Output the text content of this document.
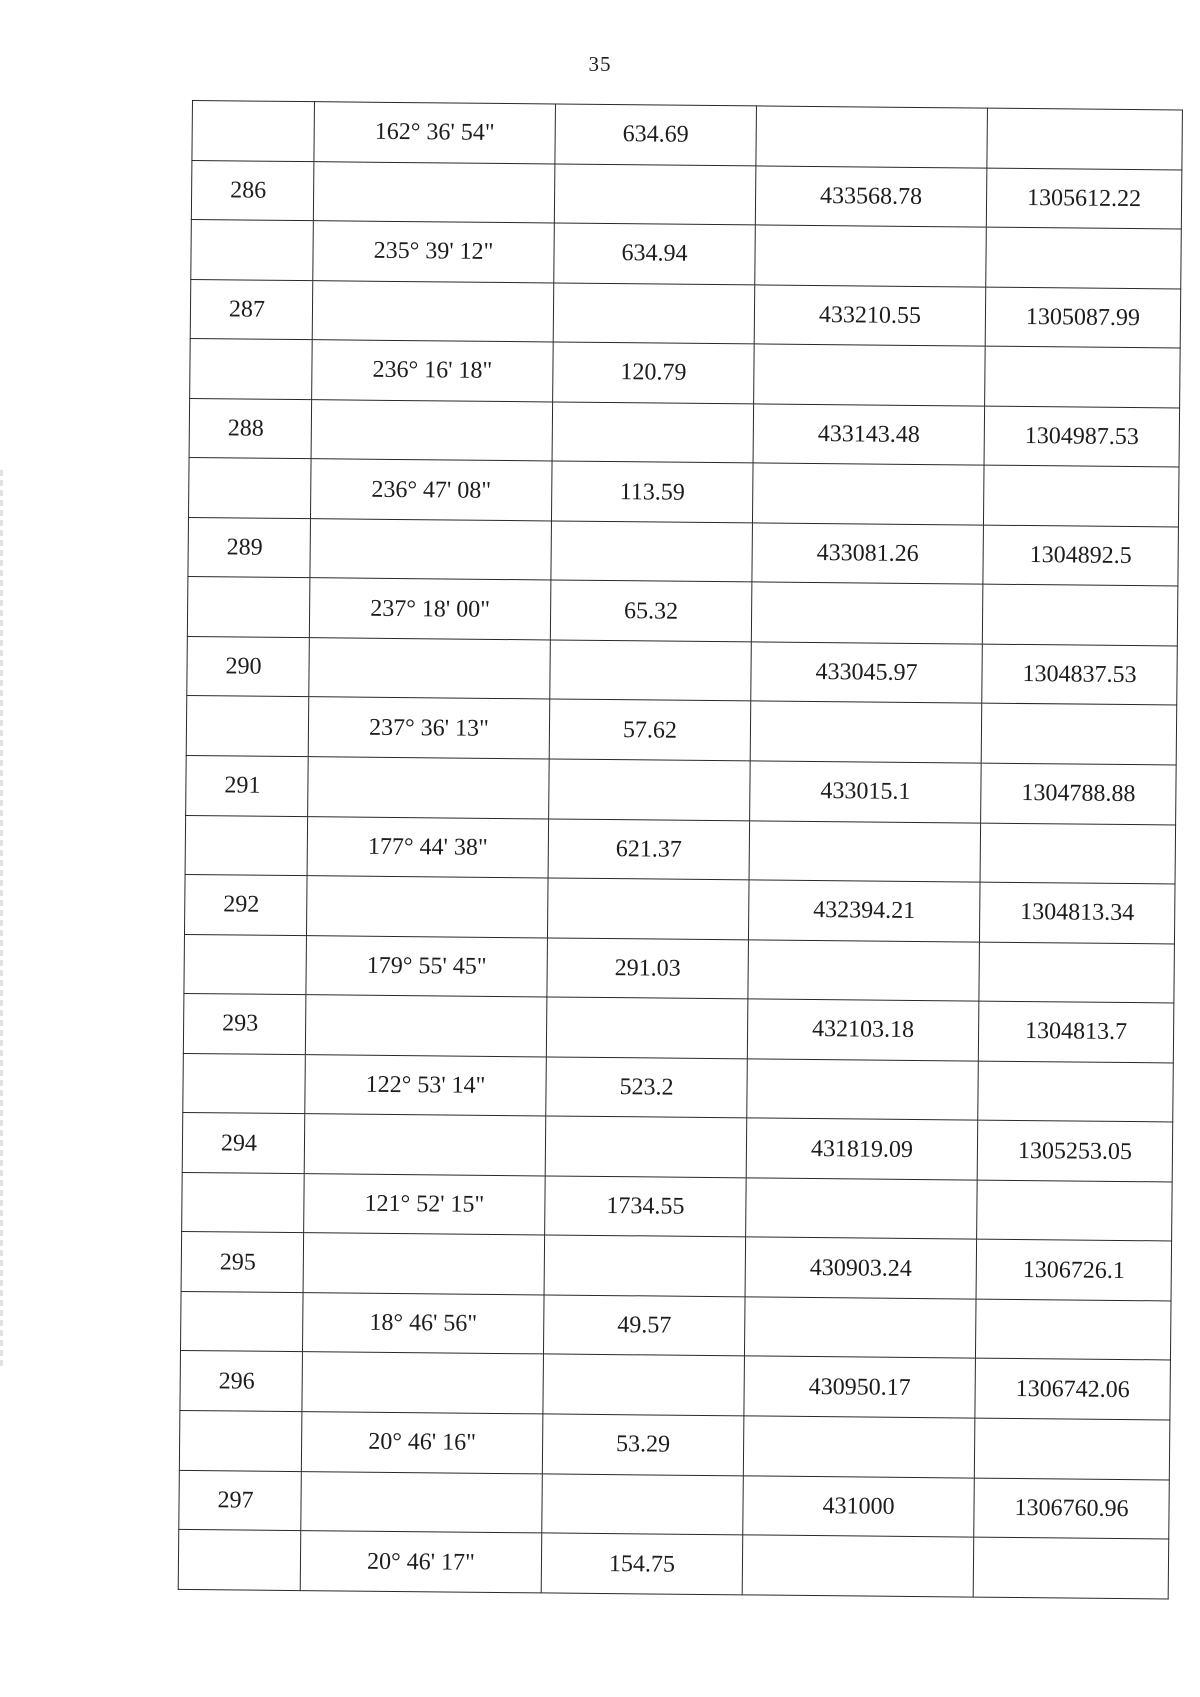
35
	162° 36' 54"	634.69		
286			433568.78	1305612.22
	235° 39' 12"	634.94		
287			433210.55	1305087.99
	236° 16' 18"	120.79		
288			433143.48	1304987.53
	236° 47' 08"	113.59		
289			433081.26	1304892.5
	237° 18' 00"	65.32		
290			433045.97	1304837.53
	237° 36' 13"	57.62		
291			433015.1	1304788.88
	177° 44' 38"	621.37		
292			432394.21	1304813.34
	179° 55' 45"	291.03		
293			432103.18	1304813.7
	122° 53' 14"	523.2		
294			431819.09	1305253.05
	121° 52' 15"	1734.55		
295			430903.24	1306726.1
	18° 46' 56"	49.57		
296			430950.17	1306742.06
	20° 46' 16"	53.29		
297			431000	1306760.96
	20° 46' 17"	154.75		
